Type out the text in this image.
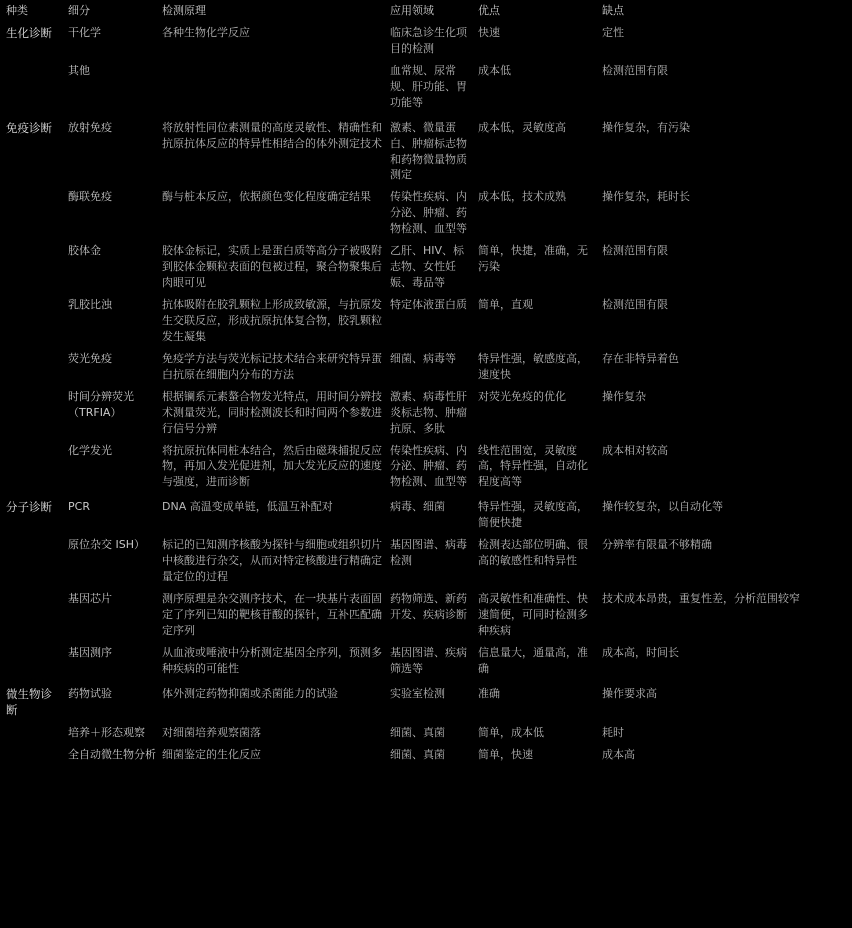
种类	细分	检测原理	应用领域	优点	缺点
生化诊断	干化学	各种生物化学反应	临床急诊生化项目的检测	快速	定性
	其他		血常规、尿常规、肝功能、胃功能等	成本低	检测范围有限
免疫诊断	放射免疫	将放射性同位素测量的高度灵敏性、精确性和抗原抗体反应的特异性相结合的体外测定技术	激素、微量蛋白、肿瘤标志物和药物微量物质测定	成本低，灵敏度高	操作复杂，有污染
	酶联免疫	酶与桩本反应，依据颜色变化程度确定结果	传染性疾病、内分泌、肿瘤、药物检测、血型等	成本低，技术成熟	操作复杂，耗时长
	胶体金	胶体金标记，实质上是蛋白质等高分子被吸附到胶体金颗粒表面的包被过程，聚合物聚集后肉眼可见	乙肝、HIV、标志物、女性妊娠、毒品等	简单，快捷，准确，无污染	检测范围有限
	乳胶比浊	抗体吸附在胶乳颗粒上形成致敏源，与抗原发生交联反应，形成抗原抗体复合物，胶乳颗粒发生凝集	特定体液蛋白质	简单，直观	检测范围有限
	荧光免疫	免疫学方法与荧光标记技术结合来研究特异蛋白抗原在细胞内分布的方法	细菌、病毒等	特异性强，敏感度高，速度快	存在非特异着色
	时间分辨荧光（TRFIA）	根据镧系元素螯合物发光特点，用时间分辨技术测量荧光，同时检测波长和时间两个参数进行信号分辨	激素、病毒性肝炎标志物、肿瘤抗原、多肽	对荧光免疫的优化	操作复杂
	化学发光	将抗原抗体同桩本结合，然后由磁珠捕捉反应物，再加入发光促进剂，加大发光反应的速度与强度，进而诊断	传染性疾病、内分泌、肿瘤、药物检测、血型等	线性范围宽，灵敏度高，特异性强，自动化程度高等	成本相对较高
分子诊断	PCR	DNA 高温变成单链，低温互补配对	病毒、细菌	特异性强，灵敏度高，简便快捷	操作较复杂，以自动化等
	原位杂交 ISH）	标记的已知测序核酸为探针与细胞或组织切片中核酸进行杂交，从而对特定核酸进行精确定量定位的过程	基因图谱、病毒检测	检测表达部位明确、很高的敏感性和特异性	分辨率有限量不够精确
	基因芯片	测序原理是杂交测序技术，在一块基片表面固定了序列已知的靶核苷酸的探针，互补匹配确定序列	药物筛选、新药开发、疾病诊断	高灵敏性和准确性、快速简便，可同时检测多种疾病	技术成本昂贵，重复性差，分析范围较窄
	基因测序	从血液或唾液中分析测定基因全序列，预测多种疾病的可能性	基因图谱、疾病筛选等	信息量大，通量高，准确	成本高，时间长
微生物诊断	药物试验	体外测定药物抑菌或杀菌能力的试验	实验室检测	准确	操作要求高
	培养＋形态观察	对细菌培养观察菌落	细菌、真菌	简单，成本低	耗时
	全自动微生物分析	细菌鉴定的生化反应	细菌、真菌	简单，快速	成本高
